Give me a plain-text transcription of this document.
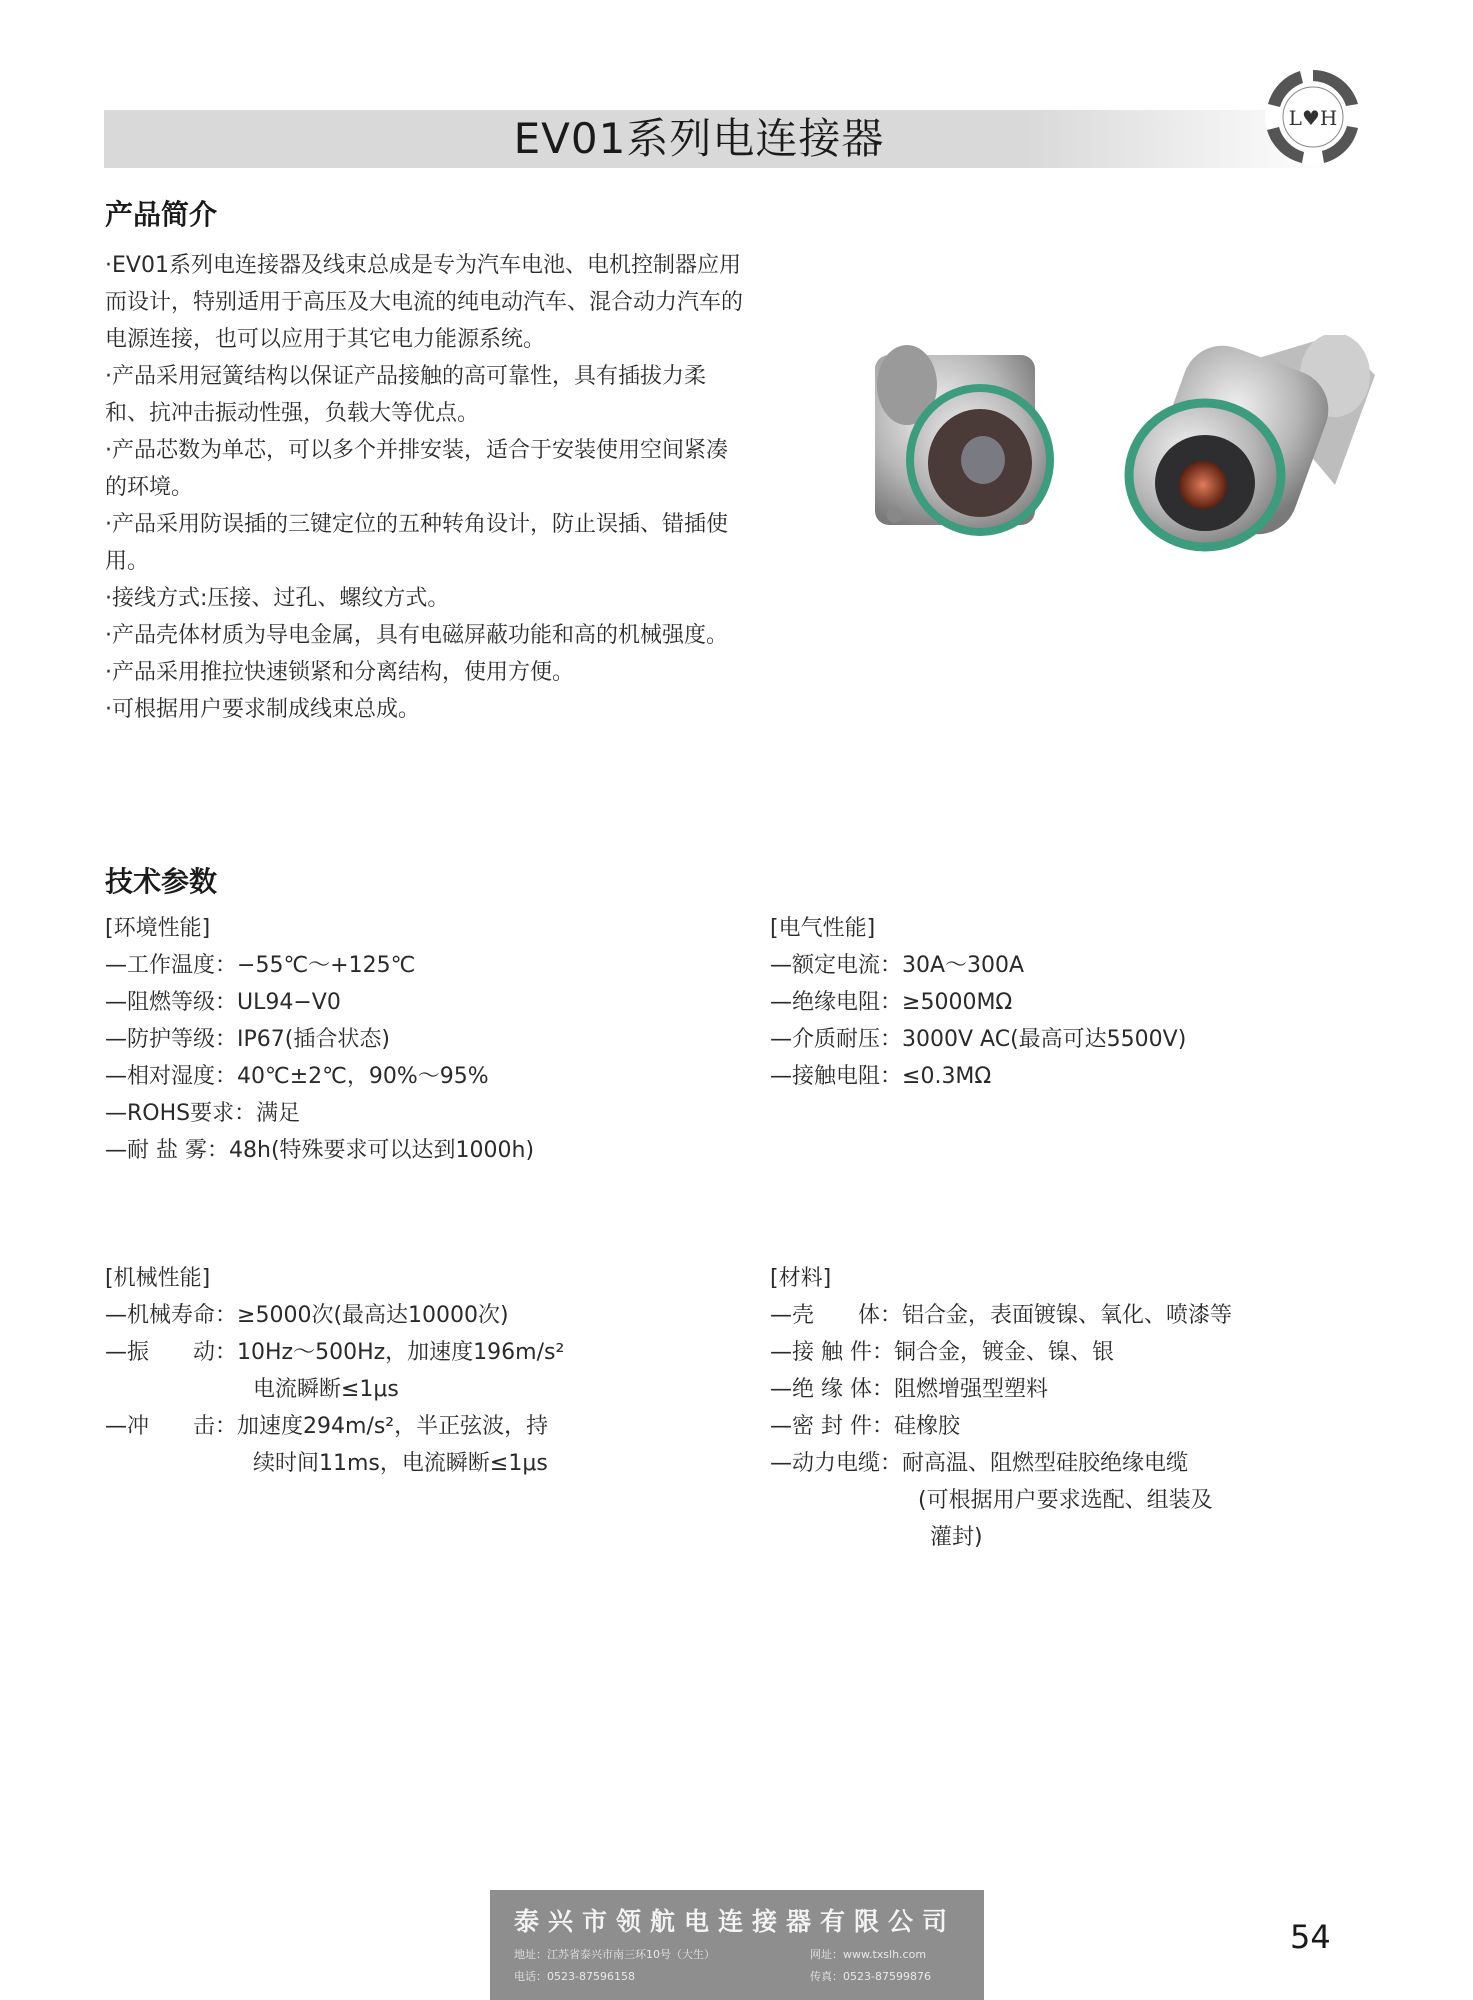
EV01系列电连接器	L♥H
产品简介
·EV01系列电连接器及线束总成是专为汽车电池、电机控制器应用
而设计，特别适用于高压及大电流的纯电动汽车、混合动力汽车的
电源连接，也可以应用于其它电力能源系统。
·产品采用冠簧结构以保证产品接触的高可靠性，具有插拔力柔
和、抗冲击振动性强，负载大等优点。
·产品芯数为单芯，可以多个并排安装，适合于安装使用空间紧凑
的环境。
·产品采用防误插的三键定位的五种转角设计，防止误插、错插使
用。
·接线方式:压接、过孔、螺纹方式。
·产品壳体材质为导电金属，具有电磁屏蔽功能和高的机械强度。
·产品采用推拉快速锁紧和分离结构，使用方便。
·可根据用户要求制成线束总成。
技术参数
[环境性能]
—工作温度：−55℃～+125℃
—阻燃等级：UL94−V0
—防护等级：IP67(插合状态)
—相对湿度：40℃±2℃，90%～95%
—ROHS要求：满足
—耐 盐 雾：48h(特殊要求可以达到1000h)
[电气性能]
—额定电流：30A～300A
—绝缘电阻：≥5000MΩ
—介质耐压：3000V AC(最高可达5500V)
—接触电阻：≤0.3MΩ
[机械性能]
—机械寿命：≥5000次(最高达10000次)
—振　　动：10Hz～500Hz，加速度196m/s²
电流瞬断≤1μs
—冲　　击：加速度294m/s²，半正弦波，持
续时间11ms，电流瞬断≤1μs
[材料]
—壳　　体：铝合金，表面镀镍、氧化、喷漆等
—接 触 件：铜合金，镀金、镍、银
—绝 缘 体：阻燃增强型塑料
—密 封 件：硅橡胶
—动力电缆：耐高温、阻燃型硅胶绝缘电缆
(可根据用户要求选配、组装及
灌封)
泰兴市领航电连接器有限公司
地址：江苏省泰兴市南三环10号（大生）	网址：www.txslh.com
电话：0523-87596158	传真：0523-87599876
54
